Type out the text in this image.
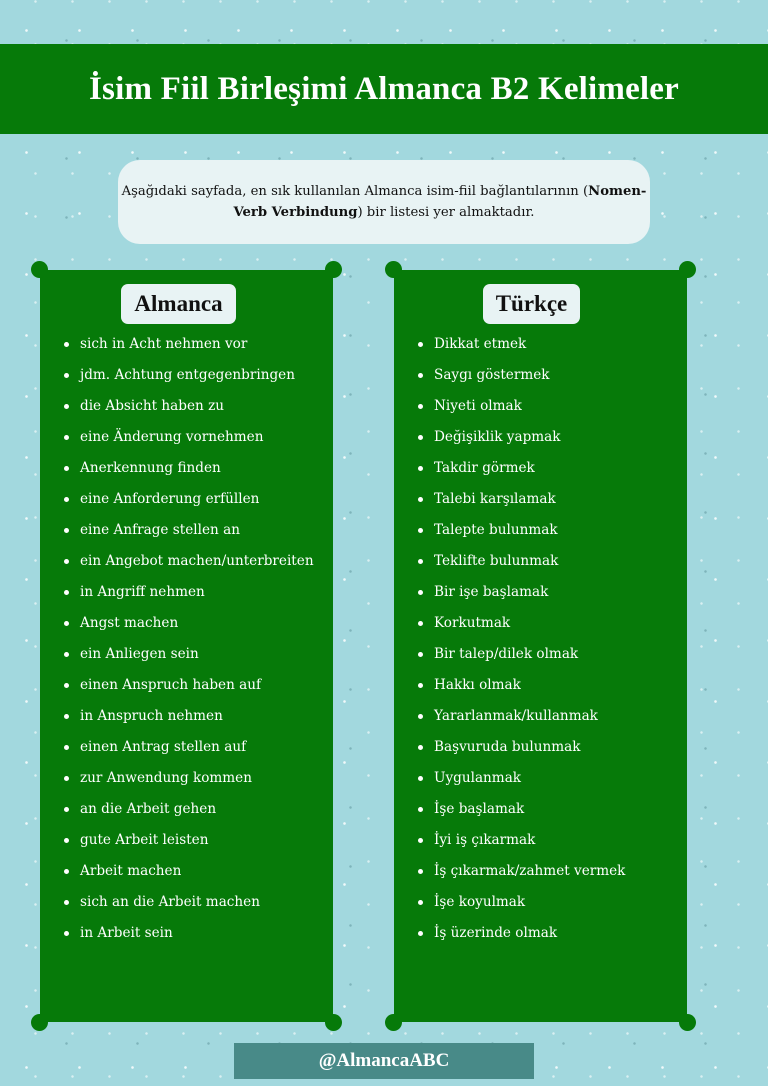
İsim Fiil Birleşimi Almanca B2 Kelimeler
Aşağıdaki sayfada, en sık kullanılan Almanca isim-fiil bağlantılarının (Nomen-Verb Verbindung) bir listesi yer almaktadır.
Almanca
sich in Acht nehmen vor
jdm. Achtung entgegenbringen
die Absicht haben zu
eine Änderung vornehmen
Anerkennung finden
eine Anforderung erfüllen
eine Anfrage stellen an
ein Angebot machen/unterbreiten
in Angriff nehmen
Angst machen
ein Anliegen sein
einen Anspruch haben auf
in Anspruch nehmen
einen Antrag stellen auf
zur Anwendung kommen
an die Arbeit gehen
gute Arbeit leisten
Arbeit machen
sich an die Arbeit machen
in Arbeit sein
Türkçe
Dikkat etmek
Saygı göstermek
Niyeti olmak
Değişiklik yapmak
Takdir görmek
Talebi karşılamak
Talepte bulunmak
Teklifte bulunmak
Bir işe başlamak
Korkutmak
Bir talep/dilek olmak
Hakkı olmak
Yararlanmak/kullanmak
Başvuruda bulunmak
Uygulanmak
İşe başlamak
İyi iş çıkarmak
İş çıkarmak/zahmet vermek
İşe koyulmak
İş üzerinde olmak
@AlmancaABC
